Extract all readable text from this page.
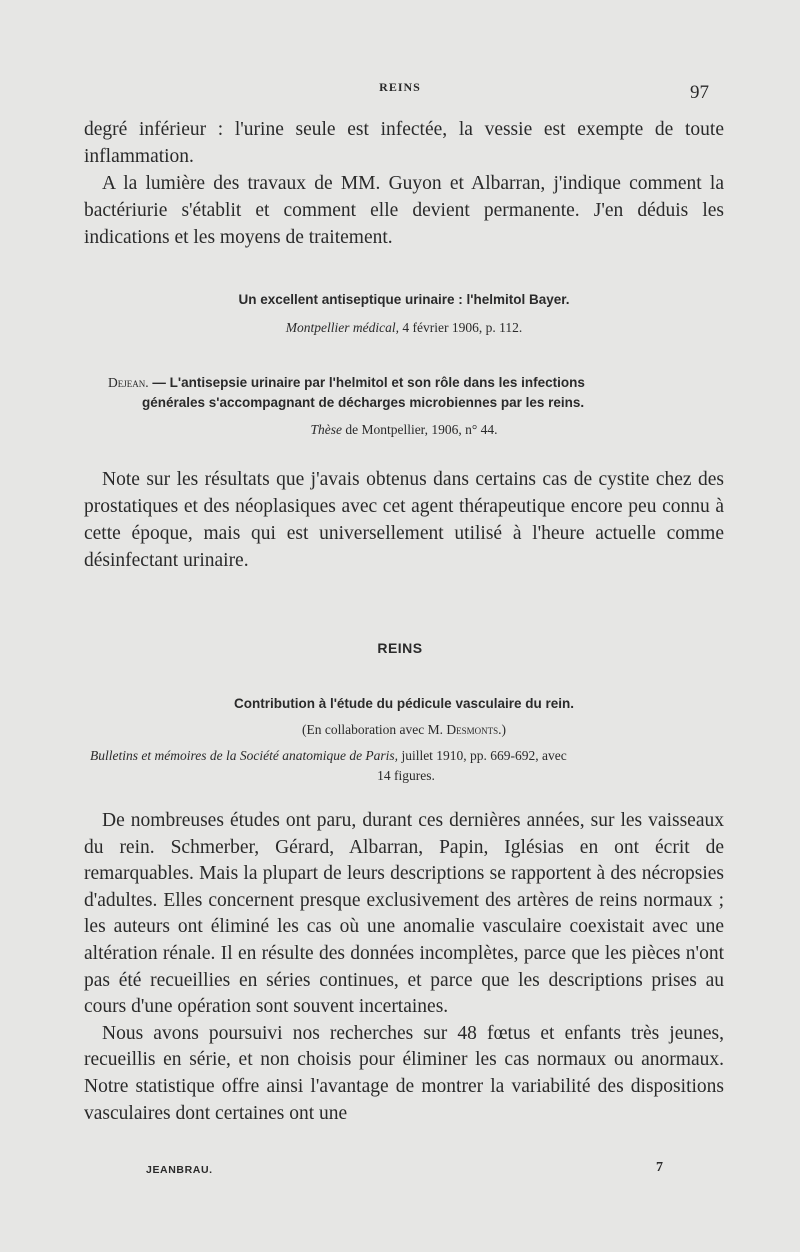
REINS	97

degré inférieur : l'urine seule est infectée, la vessie est exempte de toute inflammation.

A la lumière des travaux de MM. Guyon et Albarran, j'indique comment la bactériurie s'établit et comment elle devient permanente. J'en déduis les indications et les moyens de traitement.

Un excellent antiseptique urinaire : l'helmitol Bayer.
Montpellier médical, 4 février 1906, p. 112.
Dejean. — L'antisepsie urinaire par l'helmitol et son rôle dans les infections
générales s'accompagnant de décharges microbiennes par les reins.
Thèse de Montpellier, 1906, n° 44.

Note sur les résultats que j'avais obtenus dans certains cas de cystite chez des prostatiques et des néoplasiques avec cet agent thérapeutique encore peu connu à cette époque, mais qui est universellement utilisé à l'heure actuelle comme désinfectant urinaire.

REINS
Contribution à l'étude du pédicule vasculaire du rein.
(En collaboration avec M. Desmonts.)
Bulletins et mémoires de la Société anatomique de Paris, juillet 1910, pp. 669-692, avec
14 figures.

De nombreuses études ont paru, durant ces dernières années, sur les vaisseaux du rein. Schmerber, Gérard, Albarran, Papin, Iglésias en ont écrit de remarquables. Mais la plupart de leurs descriptions se rapportent à des nécropsies d'adultes. Elles concernent presque exclusivement des artères de reins normaux ; les auteurs ont éliminé les cas où une anomalie vasculaire coexistait avec une altération rénale. Il en résulte des données incomplètes, parce que les pièces n'ont pas été recueillies en séries continues, et parce que les descriptions prises au cours d'une opération sont souvent incertaines.

Nous avons poursuivi nos recherches sur 48 fœtus et enfants très jeunes, recueillis en série, et non choisis pour éliminer les cas normaux ou anormaux. Notre statistique offre ainsi l'avantage de montrer la variabilité des dispositions vasculaires dont certaines ont une

JEANBRAU.	7
